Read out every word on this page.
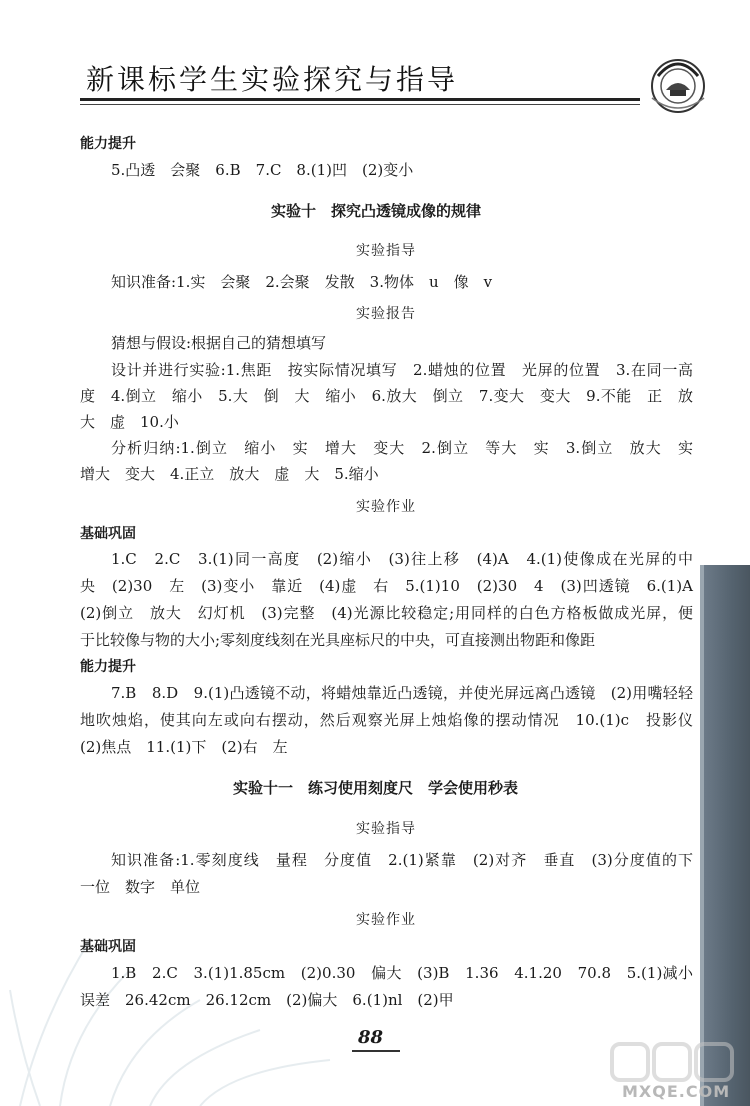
新课标学生实验探究与指导
能力提升
5.凸透　会聚　6.B　7.C　8.(1)凹　(2)变小
实验十　探究凸透镜成像的规律
实验指导
知识准备:1.实　会聚　2.会聚　发散　3.物体　u　像　v
实验报告
猜想与假设:根据自己的猜想填写
设计并进行实验:1.焦距　按实际情况填写　2.蜡烛的位置　光屏的位置　3.在同一高
度　4.倒立　缩小　5.大　倒　大　缩小　6.放大　倒立　7.变大　变大　9.不能　正　放
大　虚　10.小
分析归纳:1.倒立　缩小　实　增大　变大　2.倒立　等大　实　3.倒立　放大　实
增大　变大　4.正立　放大　虚　大　5.缩小
实验作业
基础巩固
1.C　2.C　3.(1)同一高度　(2)缩小　(3)往上移　(4)A　4.(1)使像成在光屏的中
央　(2)30　左　(3)变小　靠近　(4)虚　右　5.(1)10　(2)30　4　(3)凹透镜　6.(1)A
(2)倒立　放大　幻灯机　(3)完整　(4)光源比较稳定;用同样的白色方格板做成光屏，便
于比较像与物的大小;零刻度线刻在光具座标尺的中央，可直接测出物距和像距
能力提升
7.B　8.D　9.(1)凸透镜不动，将蜡烛靠近凸透镜，并使光屏远离凸透镜　(2)用嘴轻轻
地吹烛焰，使其向左或向右摆动，然后观察光屏上烛焰像的摆动情况　10.(1)c　投影仪
(2)焦点　11.(1)下　(2)右　左
实验十一　练习使用刻度尺　学会使用秒表
实验指导
知识准备:1.零刻度线　量程　分度值　2.(1)紧靠　(2)对齐　垂直　(3)分度值的下
一位　数字　单位
实验作业
基础巩固
1.B　2.C　3.(1)1.85cm　(2)0.30　偏大　(3)B　1.36　4.1.20　70.8　5.(1)减小
误差　26.42cm　26.12cm　(2)偏大　6.(1)nl　(2)甲
88
MXQE.COM
